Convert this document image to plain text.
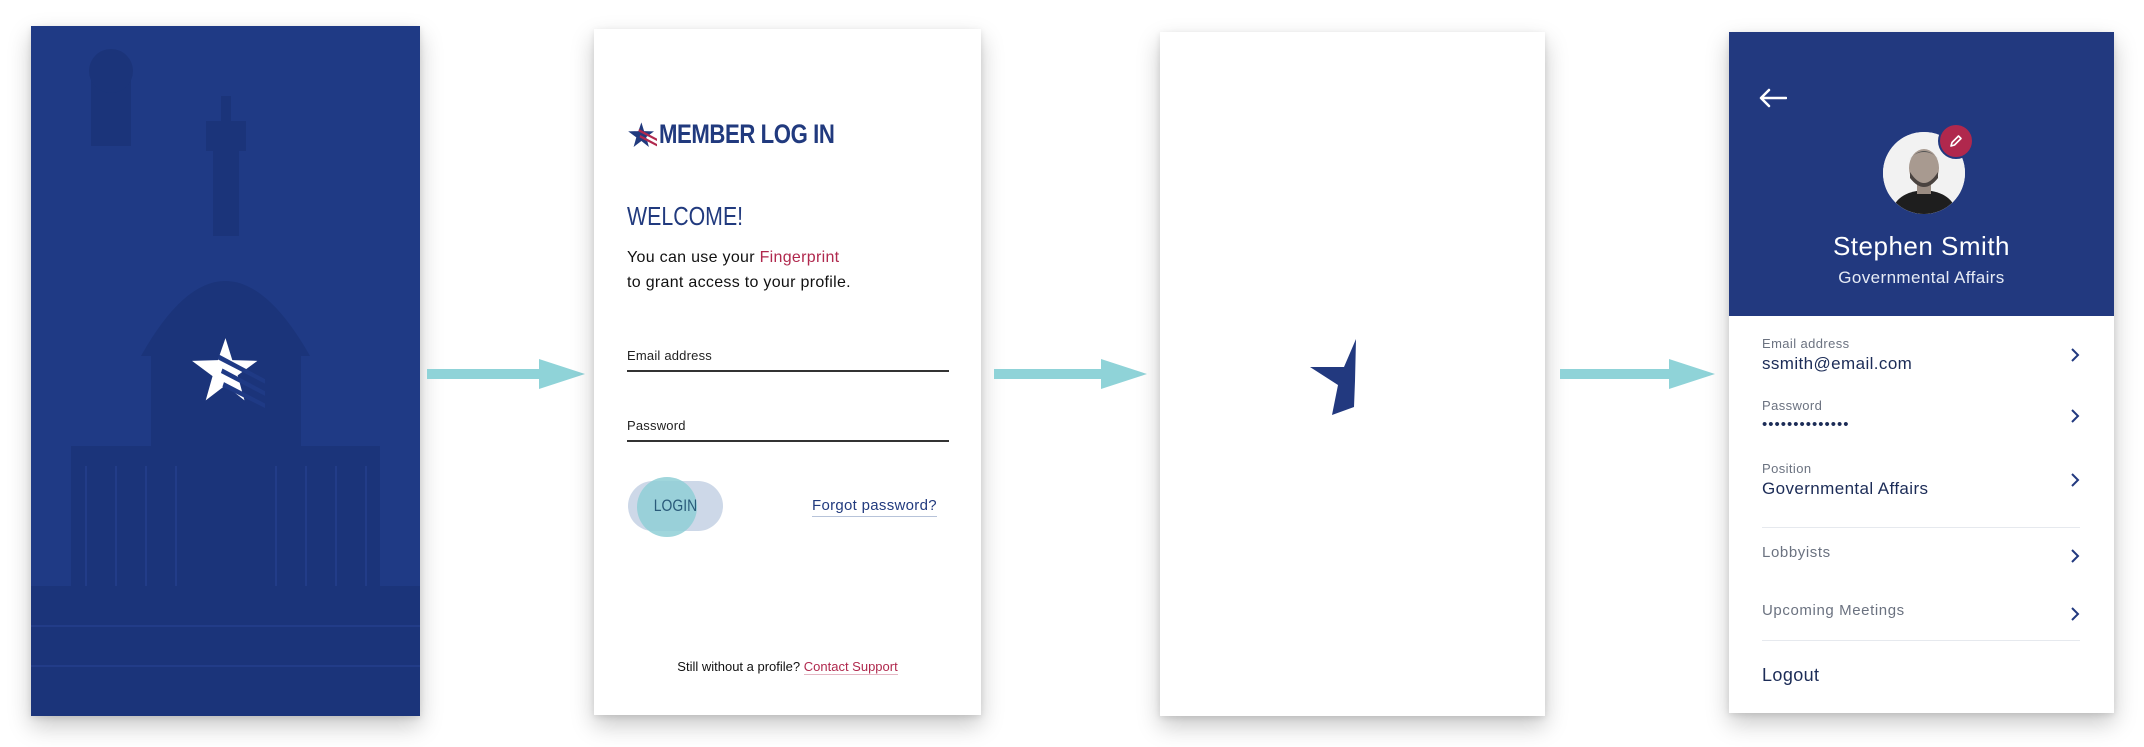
MEMBER LOG IN
WELCOME!
You can use your Fingerprint
to grant access to your profile.
Email address
Password
LOGIN	Forgot password?
Still without a profile? Contact Support
Stephen Smith
Governmental Affairs
Email address
ssmith@email.com
Password
••••••••••••••
Position
Governmental Affairs
Lobbyists
Upcoming Meetings
Logout
